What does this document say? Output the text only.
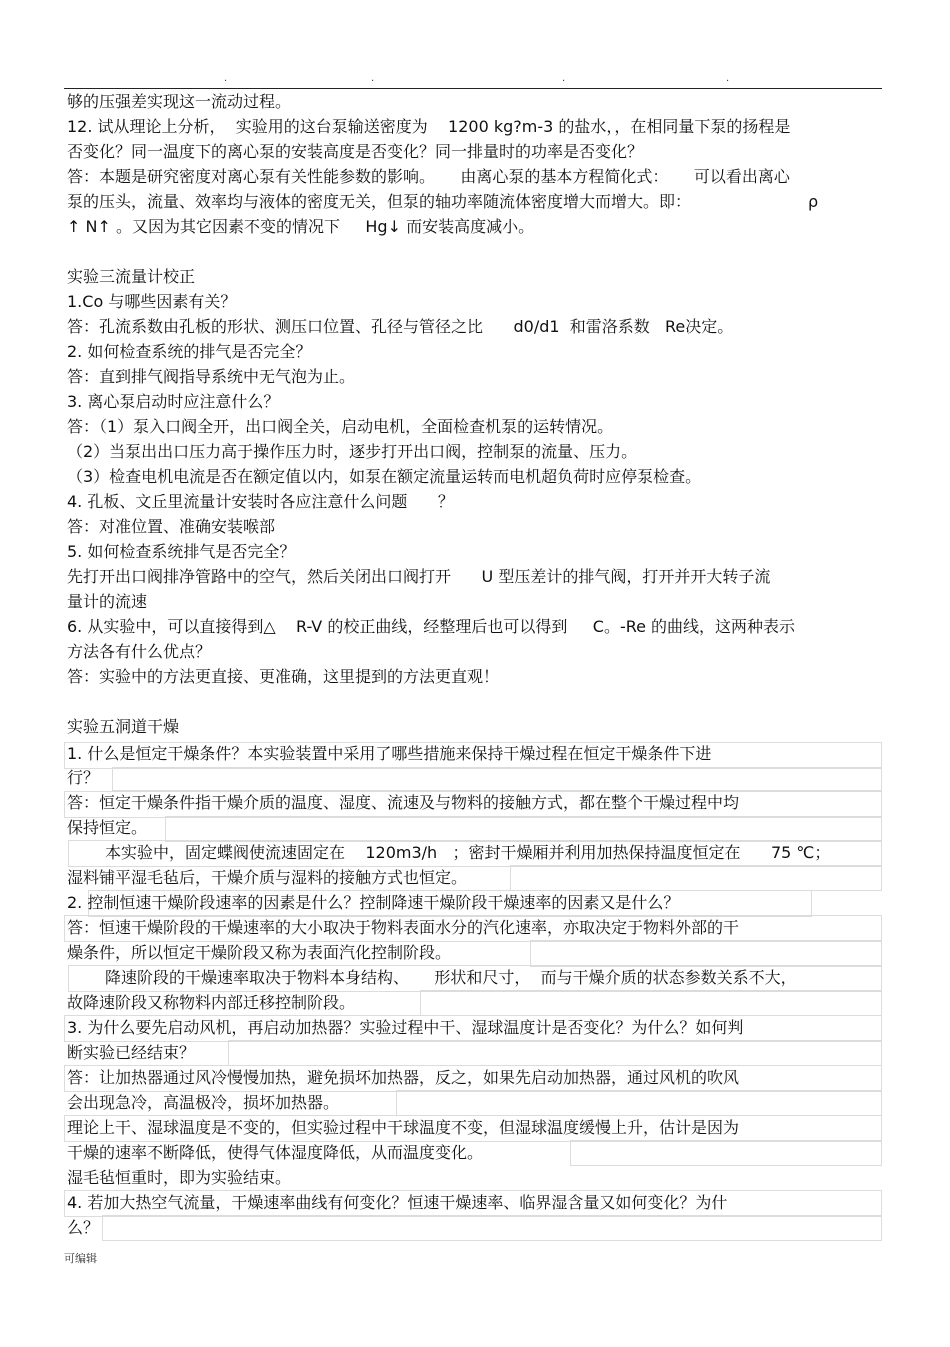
.	.	.	.
够的压强差实现这一流动过程。
12. 试从理论上分析，  实验用的这台泵输送密度为    1200 kg?m-3 的盐水，，在相同量下泵的扬程是
否变化？同一温度下的离心泵的安装高度是否变化？同一排量时的功率是否变化？
答：本题是研究密度对离心泵有关性能参数的影响。     由离心泵的基本方程简化式：     可以看出离心
泵的压头，流量、效率均与液体的密度无关，但泵的轴功率随流体密度增大而增大。即：                       ρ
↑ N↑ 。又因为其它因素不变的情况下     Hg↓ 而安装高度减小。
实验三流量计校正
1.Co 与哪些因素有关？
答：孔流系数由孔板的形状、测压口位置、孔径与管径之比      d0/d1  和雷洛系数   Re决定。
2. 如何检查系统的排气是否完全？
答：直到排气阀指导系统中无气泡为止。
3. 离心泵启动时应注意什么？
答：（1）泵入口阀全开，出口阀全关，启动电机，全面检查机泵的运转情况。
（2）当泵出出口压力高于操作压力时，逐步打开出口阀，控制泵的流量、压力。
（3）检查电机电流是否在额定值以内，如泵在额定流量运转而电机超负荷时应停泵检查。
4. 孔板、文丘里流量计安装时各应注意什么问题      ？
答：对准位置、准确安装喉部
5. 如何检查系统排气是否完全？
先打开出口阀排净管路中的空气，然后关闭出口阀打开      U 型压差计的排气阀，打开并开大转子流
量计的流速
6. 从实验中，可以直接得到△    R-V 的校正曲线，经整理后也可以得到     C。-Re 的曲线，这两种表示
方法各有什么优点？
答：实验中的方法更直接、更准确，这里提到的方法更直观！
实验五洞道干燥
1. 什么是恒定干燥条件？本实验装置中采用了哪些措施来保持干燥过程在恒定干燥条件下进
行？
答：恒定干燥条件指干燥介质的温度、湿度、流速及与物料的接触方式，都在整个干燥过程中均
保持恒定。
本实验中，固定蝶阀使流速固定在    120m3/h   ；密封干燥厢并利用加热保持温度恒定在      75 ℃；
湿料铺平湿毛毡后，干燥介质与湿料的接触方式也恒定。
2. 控制恒速干燥阶段速率的因素是什么？控制降速干燥阶段干燥速率的因素又是什么？
答：恒速干燥阶段的干燥速率的大小取决于物料表面水分的汽化速率，亦取决定于物料外部的干
燥条件，所以恒定干燥阶段又称为表面汽化控制阶段。
降速阶段的干燥速率取决于物料本身结构、     形状和尺寸，  而与干燥介质的状态参数关系不大，
故降速阶段又称物料内部迁移控制阶段。
3. 为什么要先启动风机，再启动加热器？实验过程中干、湿球温度计是否变化？为什么？如何判
断实验已经结束？
答：让加热器通过风冷慢慢加热，避免损坏加热器，反之，如果先启动加热器，通过风机的吹风
会出现急冷，高温极冷，损坏加热器。
理论上干、湿球温度是不变的，但实验过程中干球温度不变，但湿球温度缓慢上升，估计是因为
干燥的速率不断降低，使得气体湿度降低，从而温度变化。
湿毛毡恒重时，即为实验结束。
4. 若加大热空气流量，干燥速率曲线有何变化？恒速干燥速率、临界湿含量又如何变化？为什
么？
可编辑
